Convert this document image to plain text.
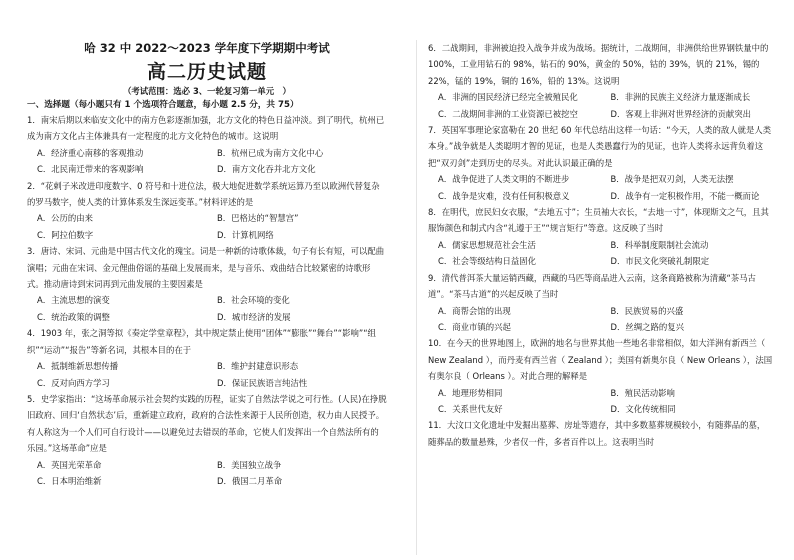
哈 32 中 2022～2023 学年度下学期期中考试
高二历史试题
（考试范围：选必 3、一轮复习第一单元　）
一、选择题（每小题只有 1 个选项符合题意，每小题 2.5 分，共 75）

1．南宋后期以来临安文化中的南方色彩逐渐加强，北方文化的特色日益冲淡。到了明代，杭州已成为南方文化占主体兼具有一定程度的北方文化特色的城市。这说明

A．经济重心南移的客观推动	B．杭州已成为南方文化中心
C．北民南迁带来的客观影响	D．南方文化吞并北方文化

2．“花剌子米改进印度数字、0 符号和十进位法，极大地促进数学系统运算乃至以欧洲代替复杂的罗马数字，使人类的计算体系发生深远变革。”材料评述的是

A．公历的由来	B．巴格达的“智慧宫”
C．阿拉伯数字	D．计算机网络

3．唐诗、宋词、元曲是中国古代文化的瑰宝。词是一种新的诗歌体裁，句子有长有短，可以配曲演唱；元曲在宋词、金元俚曲俗谣的基础上发展而来，是与音乐、戏曲结合比较紧密的诗歌形式。推动唐诗到宋词再到元曲发展的主要因素是

A．主流思想的演变	B．社会环境的变化
C．统治政策的调整	D．城市经济的发展

4．1903 年，张之洞等拟《奏定学堂章程》，其中规定禁止使用“团体”“膨胀”“舞台”“影响”“组织”“运动”“报告”等新名词，其根本目的在于

A．抵制维新思想传播	B．维护封建意识形态
C．反对向西方学习	D．保证民族语言纯洁性

5．史学家指出：“这场革命展示社会契约实践的历程，证实了自然法学说之可行性。(人民)在挣脱旧政府、回归‘自然状态’后，重新建立政府，政府的合法性来源于人民所创造，权力由人民授予。有人称这为一个人们可自行设计——以避免过去错误的革命，它使人们发挥出一个自然法所有的乐园。”这场革命”应是

A．英国光荣革命	B．美国独立战争
C．日本明治维新	D．俄国二月革命

6．二战期间，非洲被迫投入战争并成为战场。据统计，二战期间，非洲供给世界钢铁量中的 100%，工业用钻石的 98%，钻石的 90%，黄金的 50%，钴的 39%，钒的 21%，锡的 22%，锰的 19%，铜的 16%，铅的 13%。这说明

A．非洲的国民经济已经完全被殖民化	B．非洲的民族主义经济力量逐渐成长
C．二战期间非洲的工业资源已被挖空	D．客观上非洲对世界经济的贡献突出

7．英国军事理论家富勒在 20 世纪 60 年代总结出这样一句话：“今天，人类的敌人就是人类本身。”战争就是人类聪明才智的见证，也是人类愚蠢行为的见证，也许人类将永远背负着这把“双刃剑”走到历史的尽头。对此认识最正确的是

A．战争促进了人类文明的不断进步	B．战争是把双刃剑，人类无法摆
C．战争是灾难，没有任何积极意义	D．战争有一定积极作用，不能一概而论

8．在明代，庶民妇女衣服，“去地五寸”；生员袖大衣长，“去地一寸”，体现斯文之气，且其服饰颜色和制式内含“礼遵于王”“规言矩行”等意。这反映了当时

A．儒家思想规范社会生活	B．科举制度限制社会流动
C．社会等级结构日益固化	D．市民文化突破礼制限定

9．清代普洱茶大量运销西藏，西藏的马匹等商品进入云南，这条商路被称为清藏“茶马古道”。“茶马古道”的兴起反映了当时

A．商帮会馆的出现	B．民族贸易的兴盛
C．商业市镇的兴起	D．丝绸之路的复兴

10．在今天的世界地图上，欧洲的地名与世界其他一些地名非常相似，如大洋洲有新西兰（ New Zealand ），而丹麦有西兰省（ Zealand ）；美国有新奥尔良（ New Orleans ），法国有奥尔良（ Orleans ）。对此合理的解释是

A．地理形势相同	B．殖民活动影响
C．关系世代友好	D．文化传统相同

11．大汶口文化遗址中发掘出墓葬、房址等遗存，其中多数墓葬规模较小，有随葬品的墓，随葬品的数量悬殊，少者仅一件，多者百件以上。这表明当时
